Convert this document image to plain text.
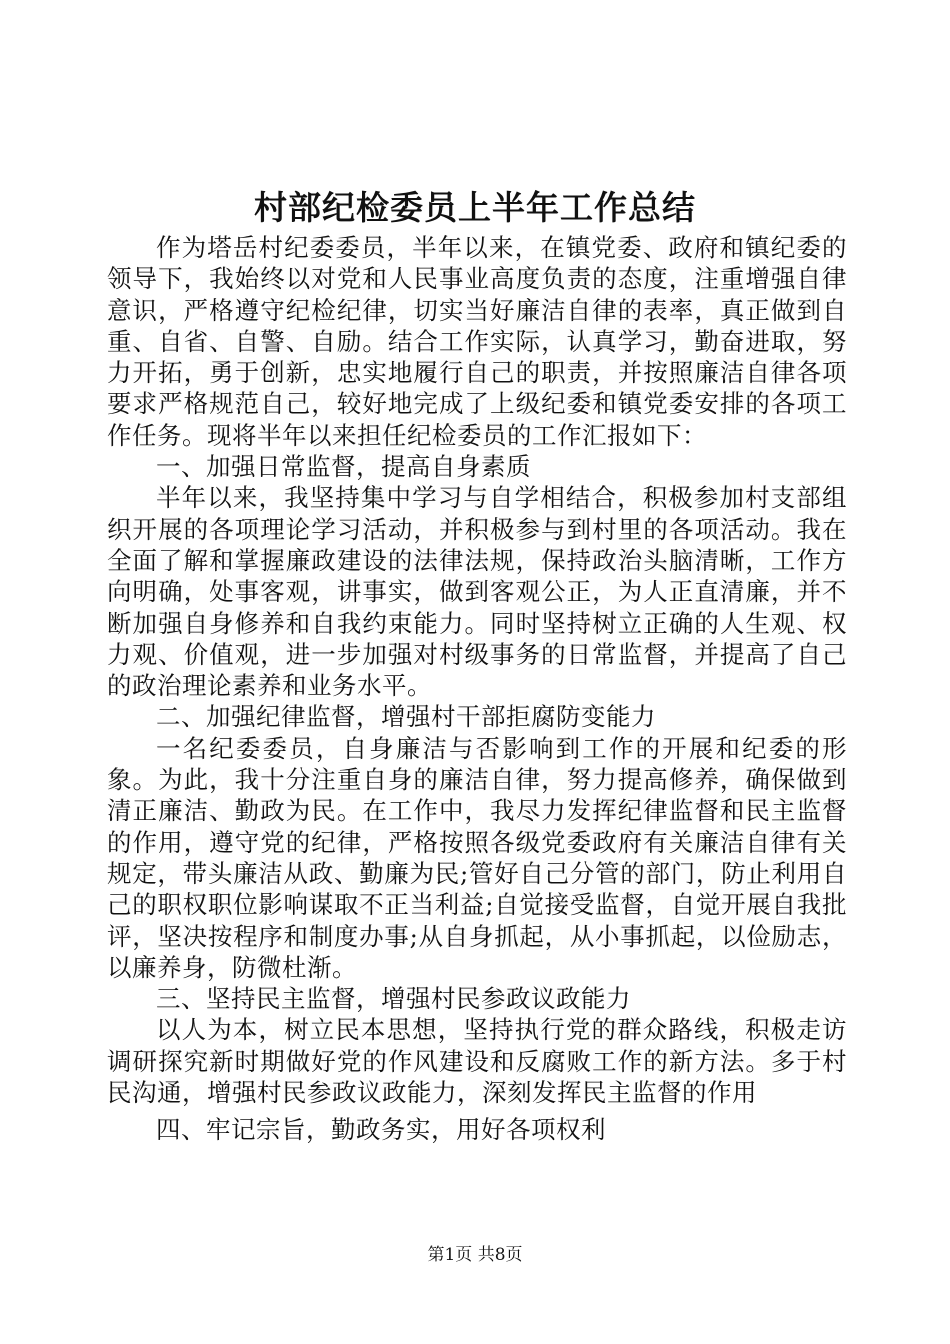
村部纪检委员上半年工作总结

作为塔岳村纪委委员，半年以来，在镇党委、政府和镇纪委的领导下，我始终以对党和人民事业高度负责的态度，注重增强自律意识，严格遵守纪检纪律，切实当好廉洁自律的表率，真正做到自重、自省、自警、自励。结合工作实际，认真学习，勤奋进取，努力开拓，勇于创新，忠实地履行自己的职责，并按照廉洁自律各项要求严格规范自己，较好地完成了上级纪委和镇党委安排的各项工作任务。现将半年以来担任纪检委员的工作汇报如下：

一、加强日常监督，提高自身素质

半年以来，我坚持集中学习与自学相结合，积极参加村支部组织开展的各项理论学习活动，并积极参与到村里的各项活动。我在全面了解和掌握廉政建设的法律法规，保持政治头脑清晰，工作方向明确，处事客观，讲事实，做到客观公正，为人正直清廉，并不断加强自身修养和自我约束能力。同时坚持树立正确的人生观、权力观、价值观，进一步加强对村级事务的日常监督，并提高了自己的政治理论素养和业务水平。

二、加强纪律监督，增强村干部拒腐防变能力

一名纪委委员，自身廉洁与否影响到工作的开展和纪委的形象。为此，我十分注重自身的廉洁自律，努力提高修养，确保做到清正廉洁、勤政为民。在工作中，我尽力发挥纪律监督和民主监督的作用，遵守党的纪律，严格按照各级党委政府有关廉洁自律有关规定，带头廉洁从政、勤廉为民;管好自己分管的部门，防止利用自己的职权职位影响谋取不正当利益;自觉接受监督，自觉开展自我批评，坚决按程序和制度办事;从自身抓起，从小事抓起，以俭励志，以廉养身，防微杜渐。

三、坚持民主监督，增强村民参政议政能力

以人为本，树立民本思想，坚持执行党的群众路线，积极走访调研探究新时期做好党的作风建设和反腐败工作的新方法。多于村民沟通，增强村民参政议政能力，深刻发挥民主监督的作用

四、牢记宗旨，勤政务实，用好各项权利

第1页 共8页
